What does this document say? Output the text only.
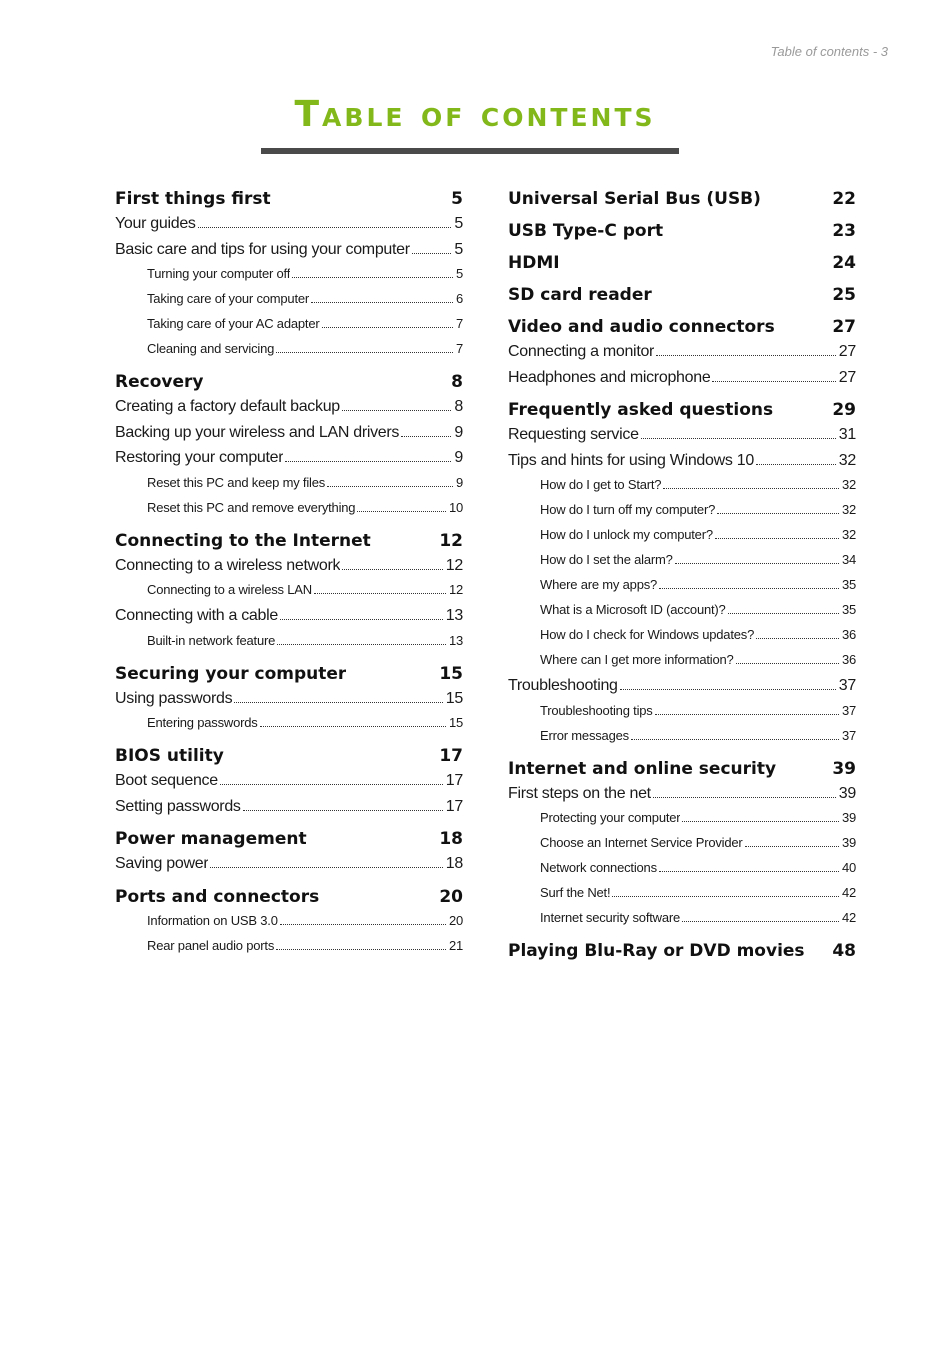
Table of contents - 3
Table of contents
First things first	5
Your guides	5
Basic care and tips for using your computer	5
Turning your computer off	5
Taking care of your computer	6
Taking care of your AC adapter	7
Cleaning and servicing	7
Recovery	8
Creating a factory default backup	8
Backing up your wireless and LAN drivers	9
Restoring your computer	9
Reset this PC and keep my files	9
Reset this PC and remove everything	10
Connecting to the Internet	12
Connecting to a wireless network	12
Connecting to a wireless LAN	12
Connecting with a cable	13
Built-in network feature	13
Securing your computer	15
Using passwords	15
Entering passwords	15
BIOS utility	17
Boot sequence	17
Setting passwords	17
Power management	18
Saving power	18
Ports and connectors	20
Information on USB 3.0	20
Rear panel audio ports	21
Universal Serial Bus (USB)	22
USB Type-C port	23
HDMI	24
SD card reader	25
Video and audio connectors	27
Connecting a monitor	27
Headphones and microphone	27
Frequently asked questions	29
Requesting service	31
Tips and hints for using Windows 10	32
How do I get to Start?	32
How do I turn off my computer?	32
How do I unlock my computer?	32
How do I set the alarm?	34
Where are my apps?	35
What is a Microsoft ID (account)?	35
How do I check for Windows updates?	36
Where can I get more information?	36
Troubleshooting	37
Troubleshooting tips	37
Error messages	37
Internet and online security	39
First steps on the net	39
Protecting your computer	39
Choose an Internet Service Provider	39
Network connections	40
Surf the Net!	42
Internet security software	42
Playing Blu-Ray or DVD movies 48
